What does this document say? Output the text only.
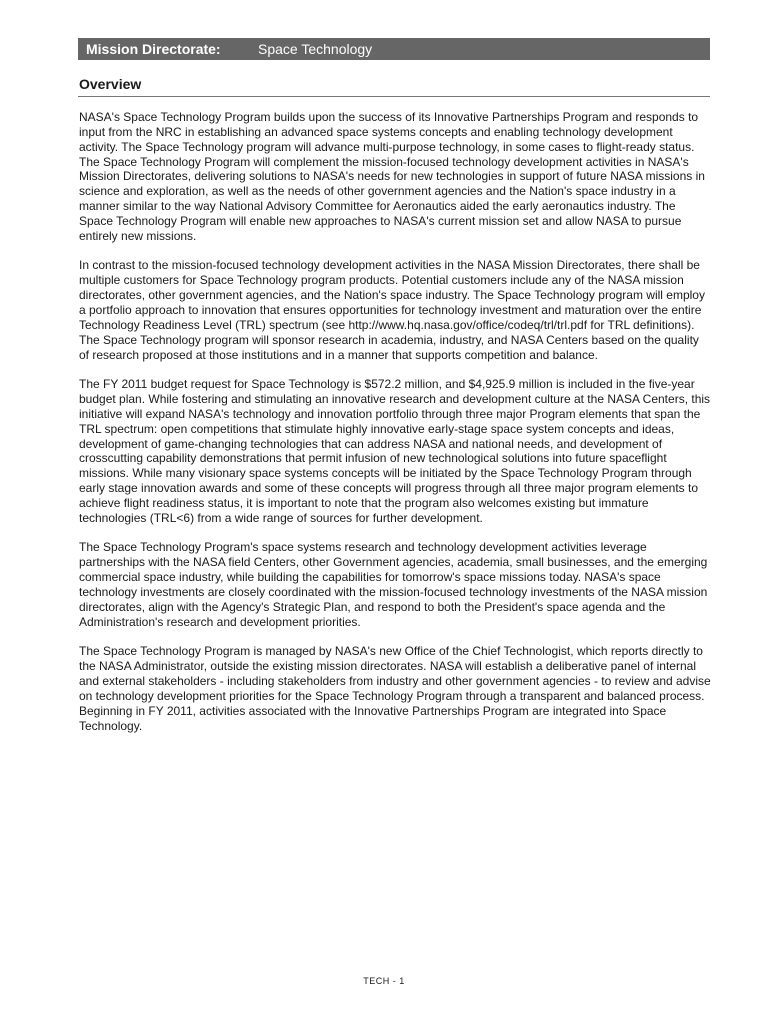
Mission Directorate:	Space Technology
Overview

NASA's Space Technology Program builds upon the success of its Innovative Partnerships Program and responds to input from the NRC in establishing an advanced space systems concepts and enabling technology development activity. The Space Technology program will advance multi-purpose technology, in some cases to flight-ready status. The Space Technology Program will complement the mission-focused technology development activities in NASA's Mission Directorates, delivering solutions to NASA's needs for new technologies in support of future NASA missions in science and exploration, as well as the needs of other government agencies and the Nation's space industry in a manner similar to the way National Advisory Committee for Aeronautics aided the early aeronautics industry. The Space Technology Program will enable new approaches to NASA's current mission set and allow NASA to pursue entirely new missions.

In contrast to the mission-focused technology development activities in the NASA Mission Directorates, there shall be multiple customers for Space Technology program products. Potential customers include any of the NASA mission directorates, other government agencies, and the Nation's space industry. The Space Technology program will employ a portfolio approach to innovation that ensures opportunities for technology investment and maturation over the entire Technology Readiness Level (TRL) spectrum (see http://www.hq.nasa.gov/office/codeq/trl/trl.pdf for TRL definitions). The Space Technology program will sponsor research in academia, industry, and NASA Centers based on the quality of research proposed at those institutions and in a manner that supports competition and balance.

The FY 2011 budget request for Space Technology is $572.2 million, and $4,925.9 million is included in the five-year budget plan. While fostering and stimulating an innovative research and development culture at the NASA Centers, this initiative will expand NASA's technology and innovation portfolio through three major Program elements that span the TRL spectrum: open competitions that stimulate highly innovative early-stage space system concepts and ideas, development of game-changing technologies that can address NASA and national needs, and development of crosscutting capability demonstrations that permit infusion of new technological solutions into future spaceflight missions. While many visionary space systems concepts will be initiated by the Space Technology Program through early stage innovation awards and some of these concepts will progress through all three major program elements to achieve flight readiness status, it is important to note that the program also welcomes existing but immature technologies (TRL<6) from a wide range of sources for further development.

The Space Technology Program's space systems research and technology development activities leverage partnerships with the NASA field Centers, other Government agencies, academia, small businesses, and the emerging commercial space industry, while building the capabilities for tomorrow's space missions today. NASA's space technology investments are closely coordinated with the mission-focused technology investments of the NASA mission directorates, align with the Agency's Strategic Plan, and respond to both the President's space agenda and the Administration's research and development priorities.

The Space Technology Program is managed by NASA's new Office of the Chief Technologist, which reports directly to the NASA Administrator, outside the existing mission directorates. NASA will establish a deliberative panel of internal and external stakeholders - including stakeholders from industry and other government agencies - to review and advise on technology development priorities for the Space Technology Program through a transparent and balanced process. Beginning in FY 2011, activities associated with the Innovative Partnerships Program are integrated into Space Technology.

TECH - 1
